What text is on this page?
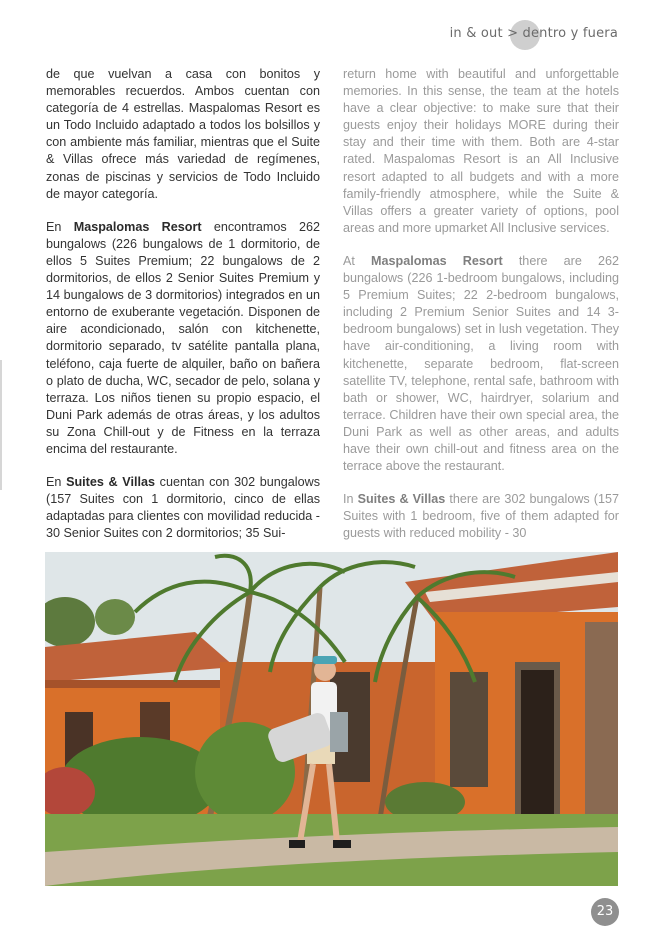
in & out > dentro y fuera

de que vuelvan a casa con bonitos y memorables recuerdos. Ambos cuentan con categoría de 4 estrellas. Maspalomas Resort es un Todo Incluido adaptado a todos los bolsillos y con ambiente más familiar, mientras que el Suite & Villas ofrece más variedad de regímenes, zonas de piscinas y servicios de Todo Incluido de mayor categoría.

En Maspalomas Resort encontramos 262 bungalows (226 bungalows de 1 dormitorio, de ellos 5 Suites Premium; 22 bungalows de 2 dormitorios, de ellos 2 Senior Suites Premium y 14 bungalows de 3 dormitorios) integrados en un entorno de exuberante vegetación. Disponen de aire acondicionado, salón con kitchenette, dormitorio separado, tv satélite pantalla plana, teléfono, caja fuerte de alquiler, baño on bañera o plato de ducha, WC, secador de pelo, solana y terraza. Los niños tienen su propio espacio, el Duni Park además de otras áreas, y los adultos su Zona Chill-out y de Fitness en la terraza encima del restaurante.

En Suites & Villas cuentan con 302 bungalows (157 Suites con 1 dormitorio, cinco de ellas adaptadas para clientes con movilidad reducida - 30 Senior Suites con 2 dormitorios; 35 Sui-

return home with beautiful and unforgettable memories. In this sense, the team at the hotels have a clear objective: to make sure that their guests enjoy their holidays MORE during their stay and their time with them. Both are 4-star rated. Maspalomas Resort is an All Inclusive resort adapted to all budgets and with a more family-friendly atmosphere, while the Suite & Villas offers a greater variety of options, pool areas and more upmarket All Inclusive services.

At Maspalomas Resort there are 262 bungalows (226 1-bedroom bungalows, including 5 Premium Suites; 22 2-bedroom bungalows, including 2 Premium Senior Suites and 14 3-bedroom bungalows) set in lush vegetation. They have air-conditioning, a living room with kitchenette, separate bedroom, flat-screen satellite TV, telephone, rental safe, bathroom with bath or shower, WC, hairdryer, solarium and terrace. Children have their own special area, the Duni Park as well as other areas, and adults have their own chill-out and fitness area on the terrace above the restaurant.

In Suites & Villas there are 302 bungalows (157 Suites with 1 bedroom, five of them adapted for guests with reduced mobility - 30

23
